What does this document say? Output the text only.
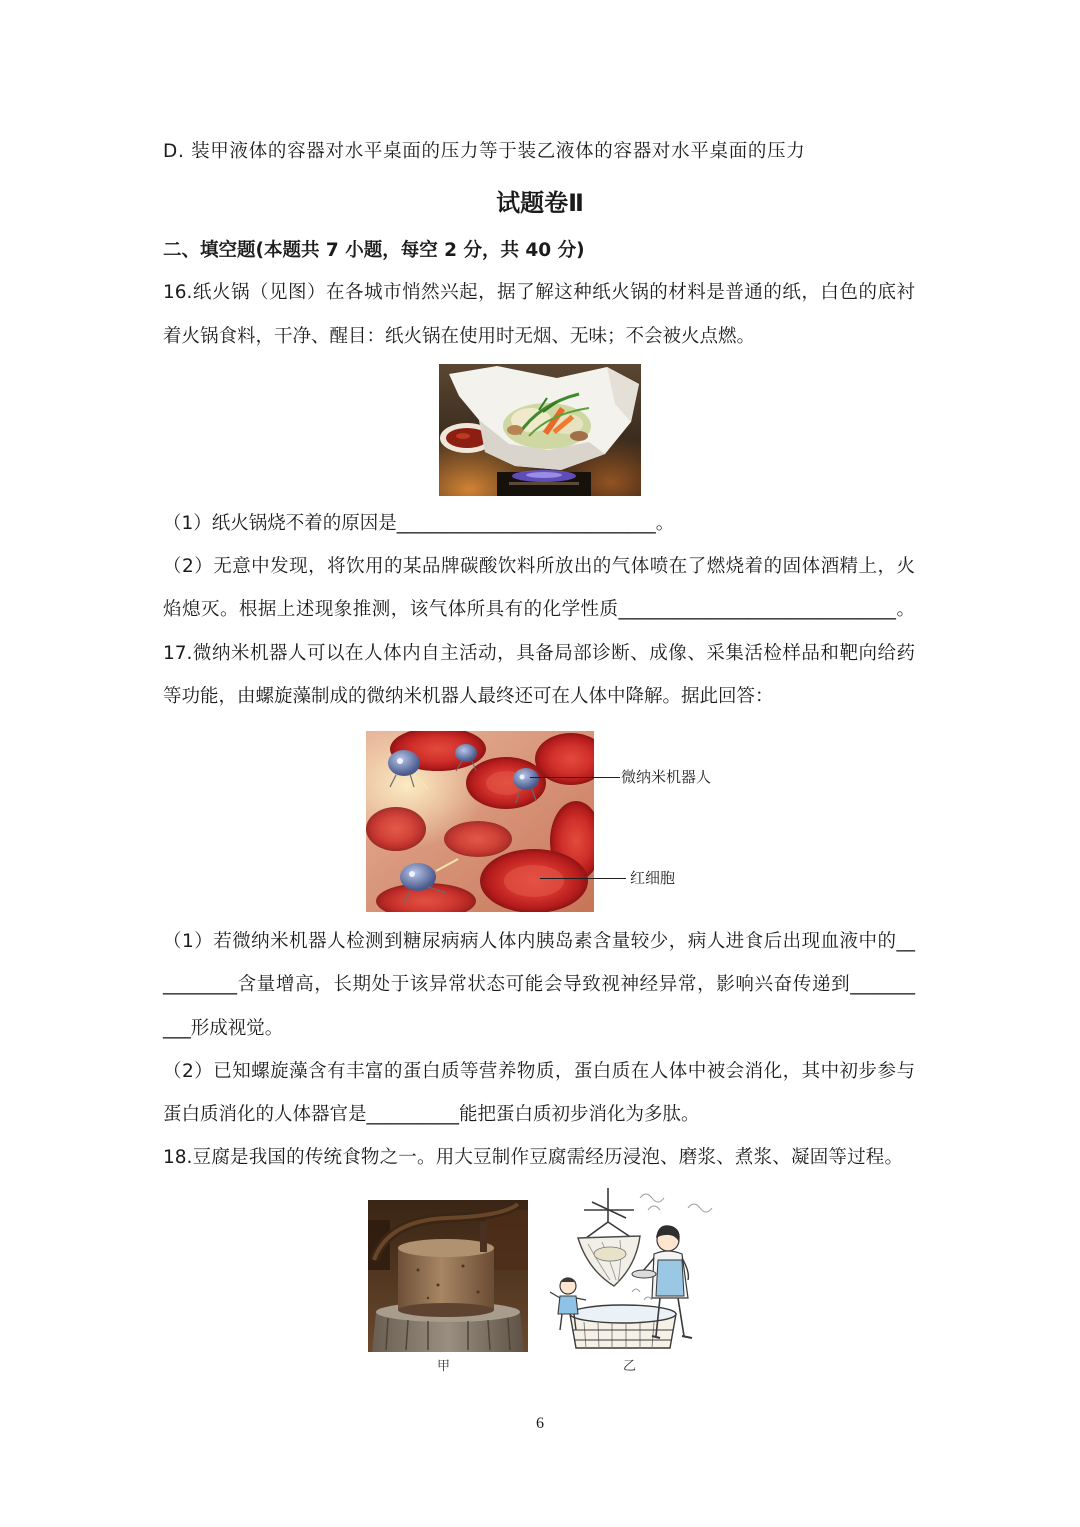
D. 装甲液体的容器对水平桌面的压力等于装乙液体的容器对水平桌面的压力
试题卷Ⅱ
二、填空题(本题共 7 小题，每空 2 分，共 40 分)
16.纸火锅（见图）在各城市悄然兴起，据了解这种纸火锅的材料是普通的纸，白色的底衬
着火锅食料，干净、醒目：纸火锅在使用时无烟、无味；不会被火点燃。
（1）纸火锅烧不着的原因是____________________________。
（2）无意中发现，将饮用的某品牌碳酸饮料所放出的气体喷在了燃烧着的固体酒精上，火
焰熄灭。根据上述现象推测，该气体所具有的化学性质______________________________。
17.微纳米机器人可以在人体内自主活动，具备局部诊断、成像、采集活检样品和靶向给药
等功能，由螺旋藻制成的微纳米机器人最终还可在人体中降解。据此回答：
微纳米机器人
红细胞
（1）若微纳米机器人检测到糖尿病病人体内胰岛素含量较少，病人进食后出现血液中的__
________含量增高，长期处于该异常状态可能会导致视神经异常，影响兴奋传递到_______
___形成视觉。
（2）已知螺旋藻含有丰富的蛋白质等营养物质，蛋白质在人体中被会消化，其中初步参与
蛋白质消化的人体器官是__________能把蛋白质初步消化为多肽。
18.豆腐是我国的传统食物之一。用大豆制作豆腐需经历浸泡、磨浆、煮浆、凝固等过程。
甲	乙
6
